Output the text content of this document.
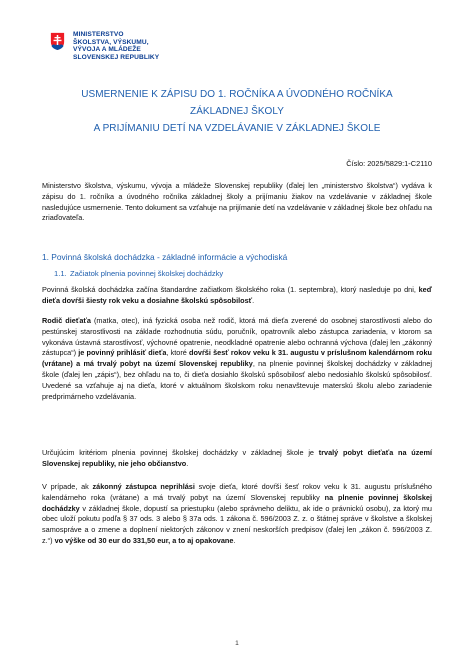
MINISTERSTVO
ŠKOLSTVA, VÝSKUMU,
VÝVOJA A MLÁDEŽE
SLOVENSKEJ REPUBLIKY
USMERNENIE K ZÁPISU DO 1. ROČNÍKA A ÚVODNÉHO ROČNÍKA
ZÁKLADNEJ ŠKOLY
A PRIJÍMANIU DETÍ NA VZDELÁVANIE V ZÁKLADNEJ ŠKOLE
Číslo: 2025/5829:1-C2110

Ministerstvo školstva, výskumu, vývoja a mládeže Slovenskej republiky (ďalej len „ministerstvo školstva“) vydáva k zápisu do 1. ročníka a úvodného ročníka základnej školy a prijímaniu žiakov na vzdelávanie v základnej škole nasledujúce usmernenie. Tento dokument sa vzťahuje na prijímanie detí na vzdelávanie v základnej škole bez ohľadu na zriaďovateľa.

1. Povinná školská dochádzka - základné informácie a východiská
1.1. Začiatok plnenia povinnej školskej dochádzky

Povinná školská dochádzka začína štandardne začiatkom školského roka (1. septembra), ktorý nasleduje po dni, keď dieťa dovŕši šiesty rok veku a dosiahne školskú spôsobilosť.

Rodič dieťaťa (matka, otec), iná fyzická osoba než rodič, ktorá má dieťa zverené do osobnej starostlivosti alebo do pestúnskej starostlivosti na základe rozhodnutia súdu, poručník, opatrovník alebo zástupca zariadenia, v ktorom sa vykonáva ústavná starostlivosť, výchovné opatrenie, neodkladné opatrenie alebo ochranná výchova (ďalej len „zákonný zástupca“) je povinný prihlásiť dieťa, ktoré dovŕši šesť rokov veku k 31. augustu v príslušnom kalendárnom roku (vrátane) a má trvalý pobyt na území Slovenskej republiky, na plnenie povinnej školskej dochádzky v základnej škole (ďalej len „zápis“), bez ohľadu na to, či dieťa dosiahlo školskú spôsobilosť alebo nedosiahlo školskú spôsobilosť. Uvedené sa vzťahuje aj na dieťa, ktoré v aktuálnom školskom roku nenavštevuje materskú školu alebo zariadenie predprimárneho vzdelávania.

Určujúcim kritériom plnenia povinnej školskej dochádzky v základnej škole je trvalý pobyt dieťaťa na území Slovenskej republiky, nie jeho občianstvo.

V prípade, ak zákonný zástupca neprihlási svoje dieťa, ktoré dovŕši šesť rokov veku k 31. augustu príslušného kalendárneho roka (vrátane) a má trvalý pobyt na území Slovenskej republiky na plnenie povinnej školskej dochádzky v základnej škole, dopustí sa priestupku (alebo správneho deliktu, ak ide o právnickú osobu), za ktorý mu obec uloží pokutu podľa § 37 ods. 3 alebo § 37a ods. 1 zákona č. 596/2003 Z. z. o štátnej správe v školstve a školskej samospráve a o zmene a doplnení niektorých zákonov v znení neskorších predpisov (ďalej len „zákon č. 596/2003 Z. z.“) vo výške od 30 eur do 331,50 eur, a to aj opakovane.

1
